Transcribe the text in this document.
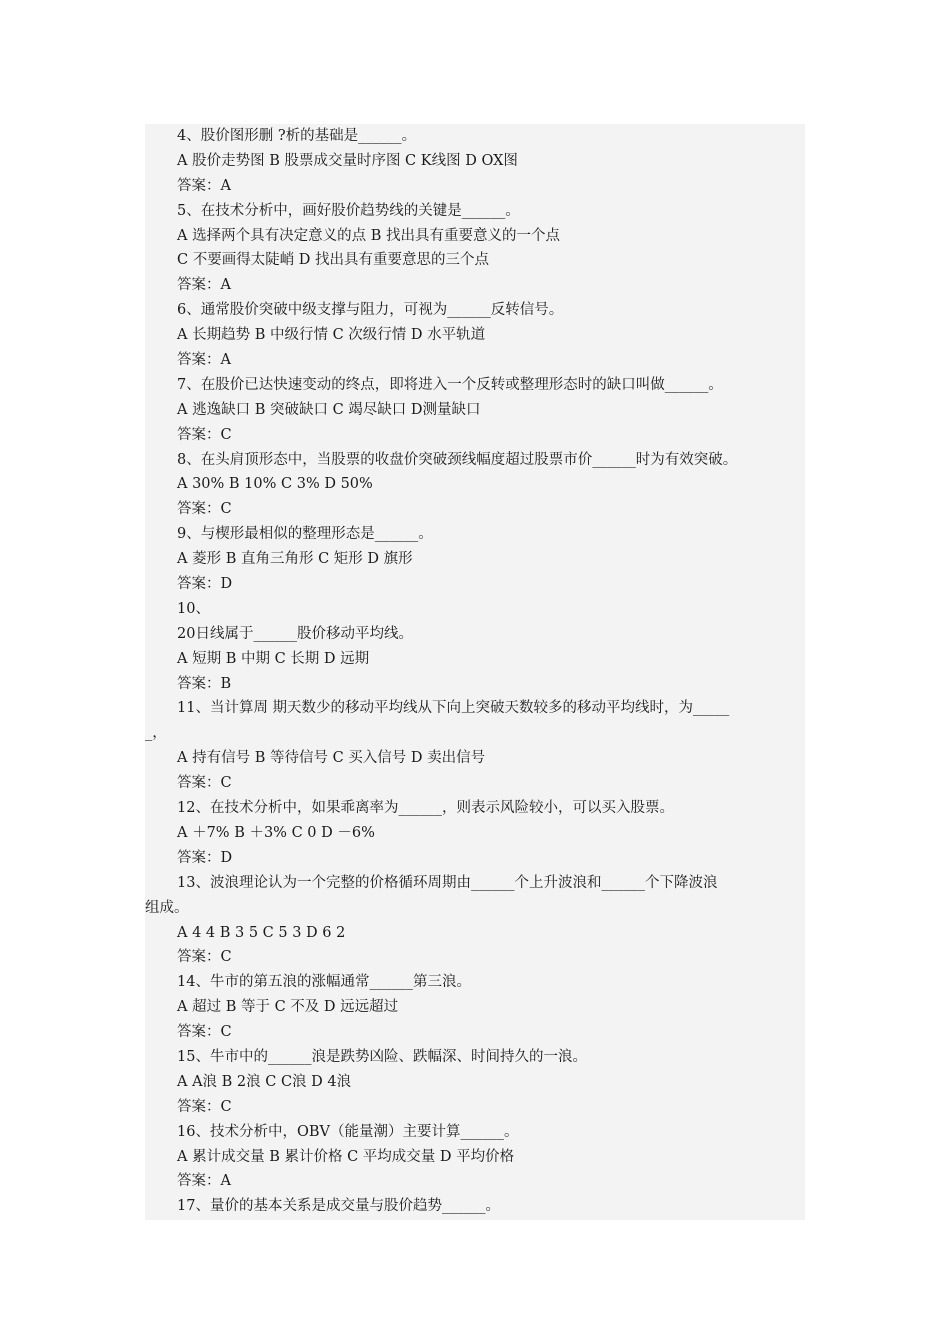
4、股价图形删 ?析的基础是______。
A 股价走势图 B 股票成交量时序图 C K线图 D OX图
答案：A
5、在技术分析中，画好股价趋势线的关键是______。
A 选择两个具有决定意义的点 B 找出具有重要意义的一个点
C 不要画得太陡峭 D 找出具有重要意思的三个点
答案：A
6、通常股价突破中级支撑与阻力，可视为______反转信号。
A 长期趋势 B 中级行情 C 次级行情 D 水平轨道
答案：A
7、在股价已达快速变动的终点，即将进入一个反转或整理形态时的缺口叫做______。
A 逃逸缺口 B 突破缺口 C 竭尽缺口 D测量缺口
答案：C
8、在头肩顶形态中，当股票的收盘价突破颈线幅度超过股票市价______时为有效突破。
A 30% B 10% C 3% D 50%
答案：C
9、与楔形最相似的整理形态是______。
A 菱形 B 直角三角形 C 矩形 D 旗形
答案：D
10、
20日线属于______股价移动平均线。
A 短期 B 中期 C 长期 D 远期
答案：B
11、当计算周 期天数少的移动平均线从下向上突破天数较多的移动平均线时，为_____
_，
A 持有信号 B 等待信号 C 买入信号 D 卖出信号
答案：C
12、在技术分析中，如果乖离率为______，则表示风险较小，可以买入股票。
A ＋7% B ＋3% C 0 D －6%
答案：D
13、波浪理论认为一个完整的价格循环周期由______个上升波浪和______个下降波浪
组成。
A 4 4 B 3 5 C 5 3 D 6 2
答案：C
14、牛市的第五浪的涨幅通常______第三浪。
A 超过 B 等于 C 不及 D 远远超过
答案：C
15、牛市中的______浪是跌势凶险、跌幅深、时间持久的一浪。
A A浪 B 2浪 C C浪 D 4浪
答案：C
16、技术分析中，OBV（能量潮）主要计算______。
A 累计成交量 B 累计价格 C 平均成交量 D 平均价格
答案：A
17、量价的基本关系是成交量与股价趋势______。
